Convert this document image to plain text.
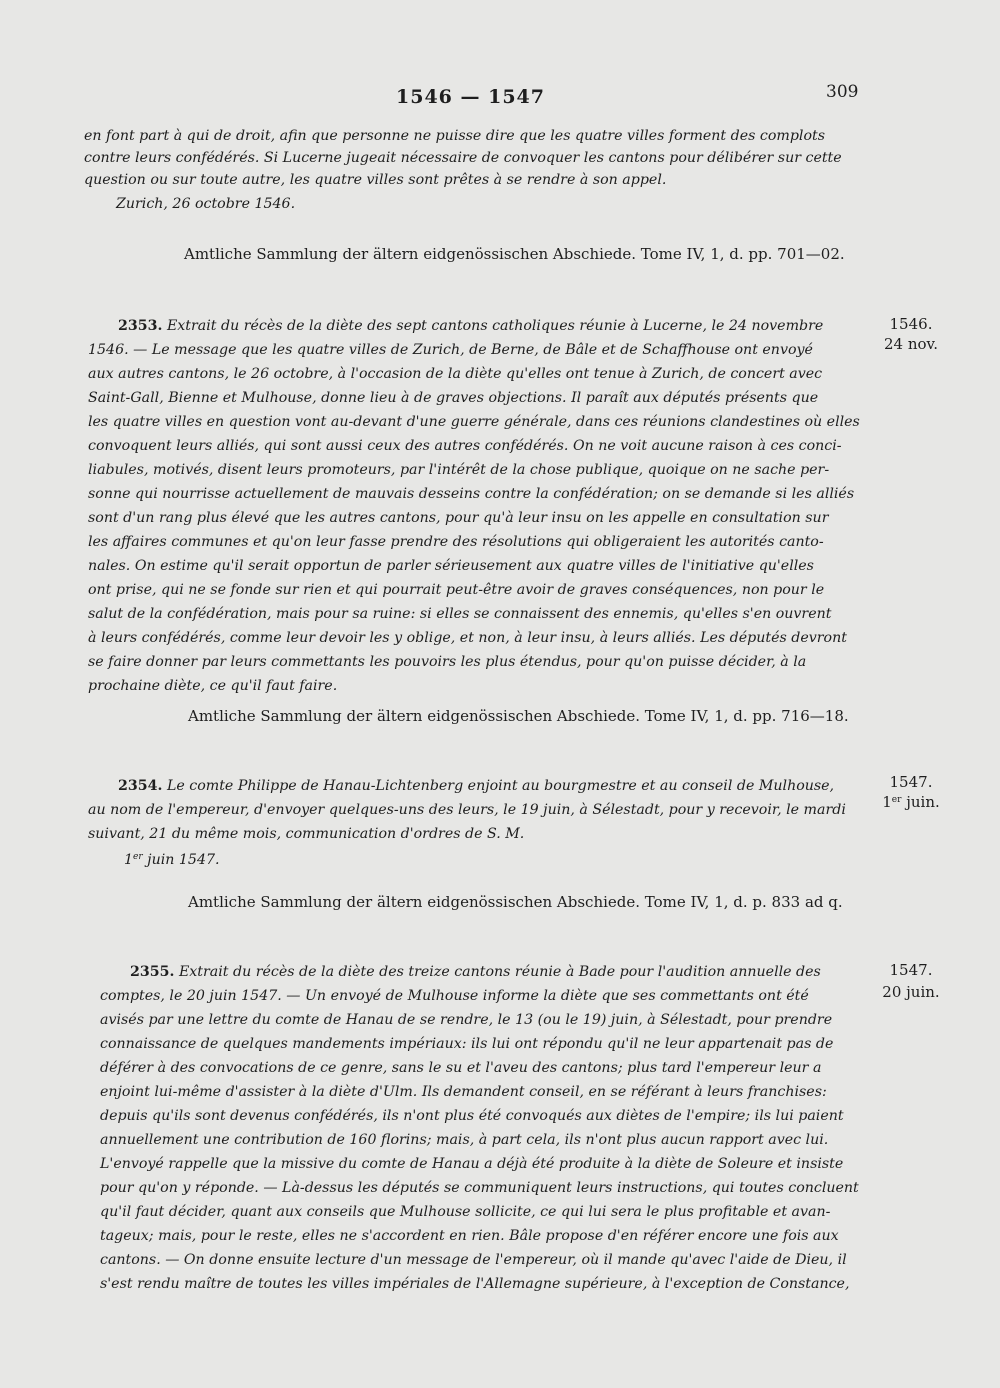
1546 — 1547	309
en font part à qui de droit, afin que personne ne puisse dire que les quatre villes forment des complots
contre leurs confédérés. Si Lucerne jugeait nécessaire de convoquer les cantons pour délibérer sur cette
question ou sur toute autre, les quatre villes sont prêtes à se rendre à son appel.
Zurich, 26 octobre 1546.
Amtliche Sammlung der ältern eidgenössischen Abschiede. Tome IV, 1, d. pp. 701—02.
2353. Extrait du récès de la diète des sept cantons catholiques réunie à Lucerne, le 24 novembre	1546.
24 nov.
1546. — Le message que les quatre villes de Zurich, de Berne, de Bâle et de Schaffhouse ont envoyé
aux autres cantons, le 26 octobre, à l'occasion de la diète qu'elles ont tenue à Zurich, de concert avec
Saint-Gall, Bienne et Mulhouse, donne lieu à de graves objections. Il paraît aux députés présents que
les quatre villes en question vont au-devant d'une guerre générale, dans ces réunions clandestines où elles
convoquent leurs alliés, qui sont aussi ceux des autres confédérés. On ne voit aucune raison à ces conci-
liabules, motivés, disent leurs promoteurs, par l'intérêt de la chose publique, quoique on ne sache per-
sonne qui nourrisse actuellement de mauvais desseins contre la confédération; on se demande si les alliés
sont d'un rang plus élevé que les autres cantons, pour qu'à leur insu on les appelle en consultation sur
les affaires communes et qu'on leur fasse prendre des résolutions qui obligeraient les autorités canto-
nales. On estime qu'il serait opportun de parler sérieusement aux quatre villes de l'initiative qu'elles
ont prise, qui ne se fonde sur rien et qui pourrait peut-être avoir de graves conséquences, non pour le
salut de la confédération, mais pour sa ruine: si elles se connaissent des ennemis, qu'elles s'en ouvrent
à leurs confédérés, comme leur devoir les y oblige, et non, à leur insu, à leurs alliés. Les députés devront
se faire donner par leurs commettants les pouvoirs les plus étendus, pour qu'on puisse décider, à la
prochaine diète, ce qu'il faut faire.
Amtliche Sammlung der ältern eidgenössischen Abschiede. Tome IV, 1, d. pp. 716—18.
2354. Le comte Philippe de Hanau-Lichtenberg enjoint au bourgmestre et au conseil de Mulhouse,	1547.
1er juin.
au nom de l'empereur, d'envoyer quelques-uns des leurs, le 19 juin, à Sélestadt, pour y recevoir, le mardi
suivant, 21 du même mois, communication d'ordres de S. M.
1er juin 1547.
Amtliche Sammlung der ältern eidgenössischen Abschiede. Tome IV, 1, d. p. 833 ad q.
2355. Extrait du récès de la diète des treize cantons réunie à Bade pour l'audition annuelle des	1547.
20 juin.
comptes, le 20 juin 1547. — Un envoyé de Mulhouse informe la diète que ses commettants ont été
avisés par une lettre du comte de Hanau de se rendre, le 13 (ou le 19) juin, à Sélestadt, pour prendre
connaissance de quelques mandements impériaux: ils lui ont répondu qu'il ne leur appartenait pas de
déférer à des convocations de ce genre, sans le su et l'aveu des cantons; plus tard l'empereur leur a
enjoint lui-même d'assister à la diète d'Ulm. Ils demandent conseil, en se référant à leurs franchises:
depuis qu'ils sont devenus confédérés, ils n'ont plus été convoqués aux diètes de l'empire; ils lui paient
annuellement une contribution de 160 florins; mais, à part cela, ils n'ont plus aucun rapport avec lui.
L'envoyé rappelle que la missive du comte de Hanau a déjà été produite à la diète de Soleure et insiste
pour qu'on y réponde. — Là-dessus les députés se communiquent leurs instructions, qui toutes concluent
qu'il faut décider, quant aux conseils que Mulhouse sollicite, ce qui lui sera le plus profitable et avan-
tageux; mais, pour le reste, elles ne s'accordent en rien. Bâle propose d'en référer encore une fois aux
cantons. — On donne ensuite lecture d'un message de l'empereur, où il mande qu'avec l'aide de Dieu, il
s'est rendu maître de toutes les villes impériales de l'Allemagne supérieure, à l'exception de Constance,
